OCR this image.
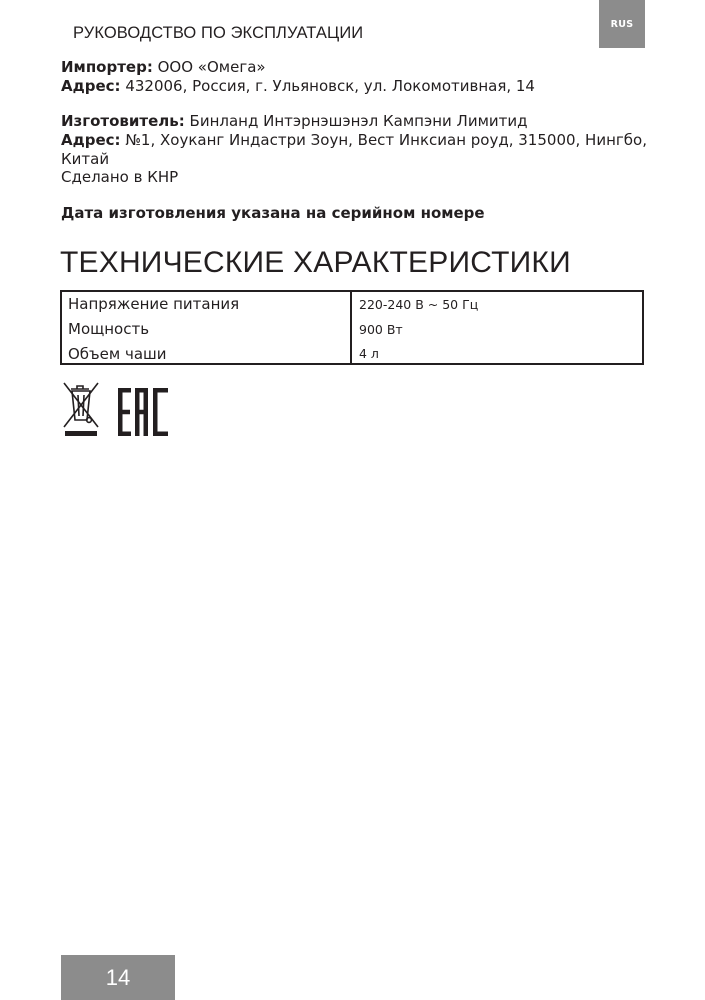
РУКОВОДСТВО ПО ЭКСПЛУАТАЦИИ	RUS
Импортер: ООО «Омега»
Адрес: 432006, Россия, г. Ульяновск, ул. Локомотивная, 14
Изготовитель: Бинланд Интэрнэшэнэл Кампэни Лимитид
Адрес: №1, Хоуканг Индастри Зоун, Вест Инксиан роуд, 315000, Нингбо,
Китай
Сделано в КНР
Дата изготовления указана на серийном номере
ТЕХНИЧЕСКИЕ ХАРАКТЕРИСТИКИ
Напряжение питания	220-240 В ~ 50 Гц
Мощность	900 Вт
Объем чаши	4 л
14
